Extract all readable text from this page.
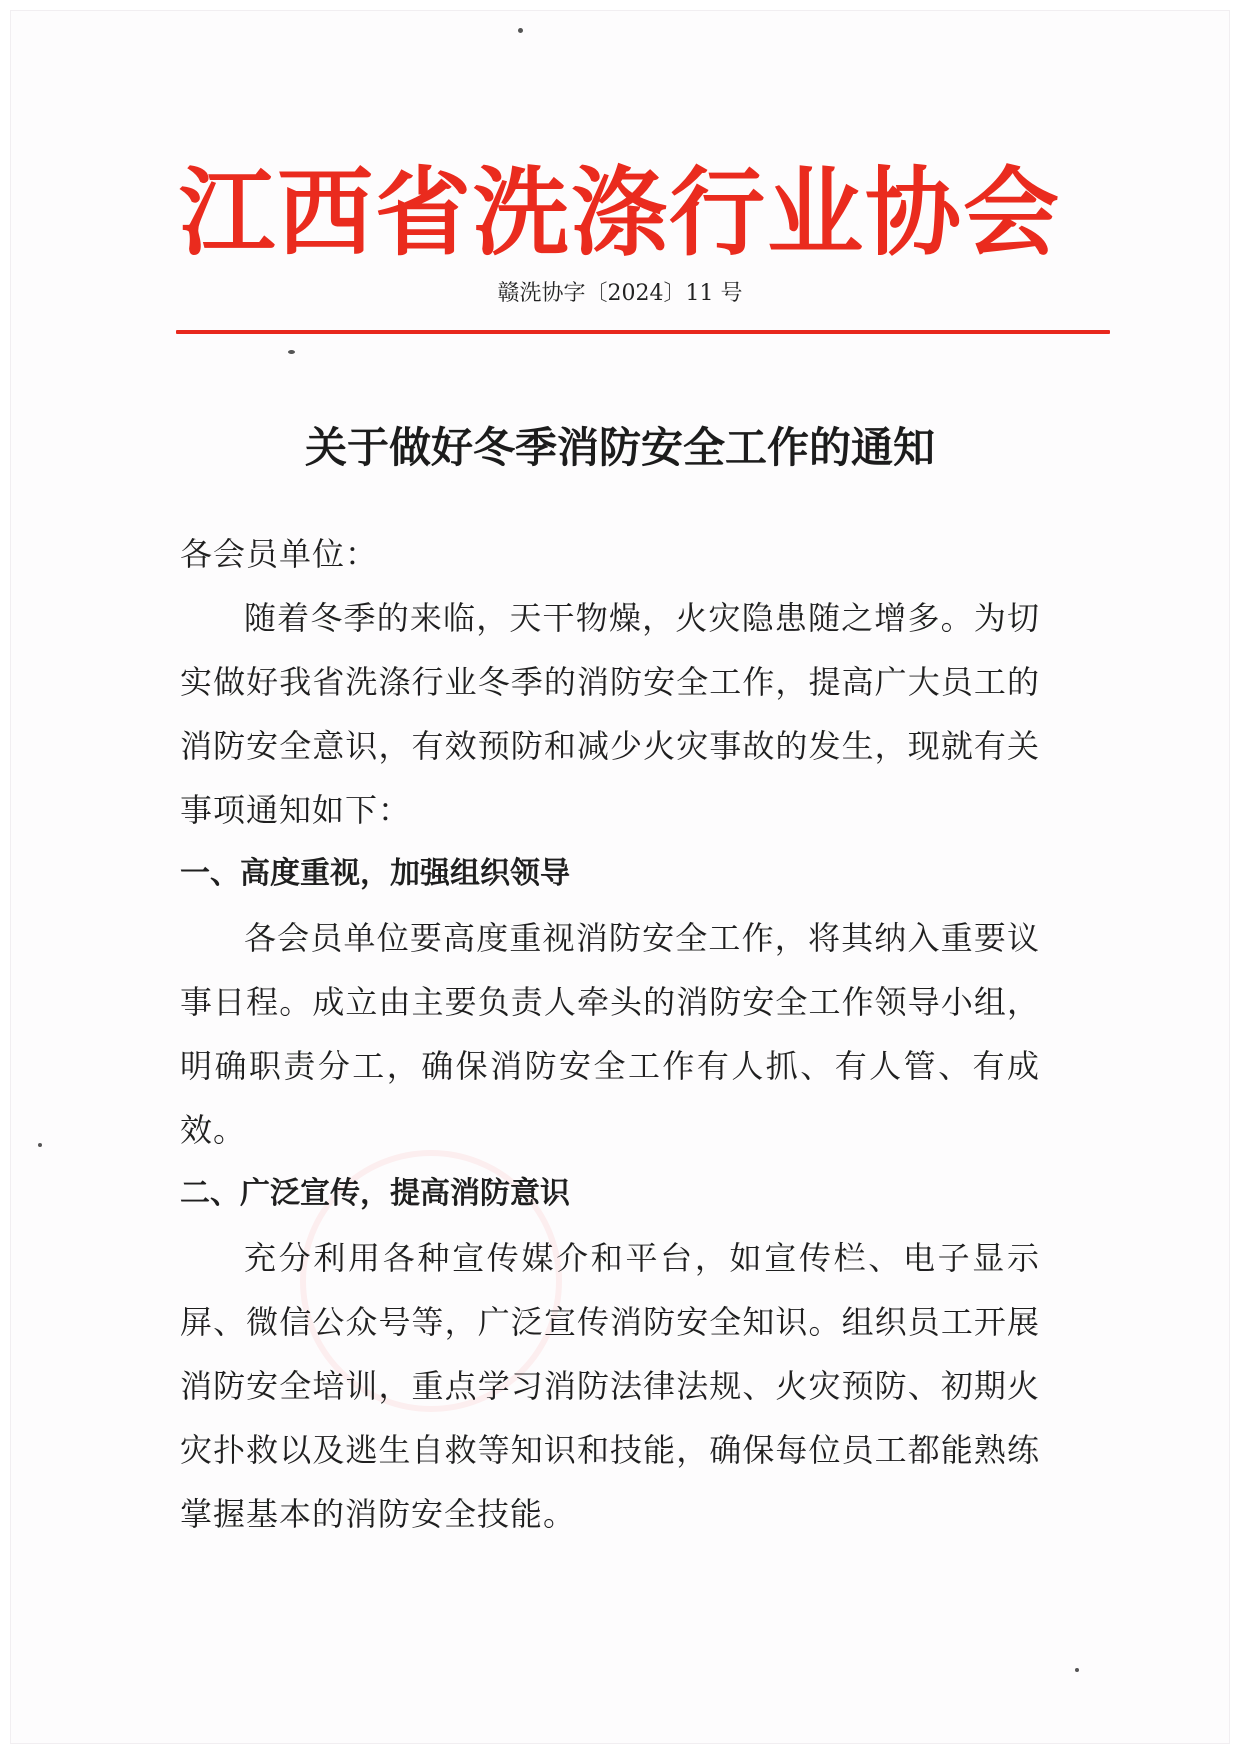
江西省洗涤行业协会
赣洗协字〔2024〕11 号
关于做好冬季消防安全工作的通知

各会员单位：

随着冬季的来临，天干物燥，火灾隐患随之增多。为切实做好我省洗涤行业冬季的消防安全工作，提高广大员工的消防安全意识，有效预防和减少火灾事故的发生，现就有关事项通知如下：

一、高度重视，加强组织领导

各会员单位要高度重视消防安全工作，将其纳入重要议事日程。成立由主要负责人牵头的消防安全工作领导小组，明确职责分工，确保消防安全工作有人抓、有人管、有成效。

二、广泛宣传，提高消防意识

充分利用各种宣传媒介和平台，如宣传栏、电子显示屏、微信公众号等，广泛宣传消防安全知识。组织员工开展消防安全培训，重点学习消防法律法规、火灾预防、初期火灾扑救以及逃生自救等知识和技能，确保每位员工都能熟练掌握基本的消防安全技能。
